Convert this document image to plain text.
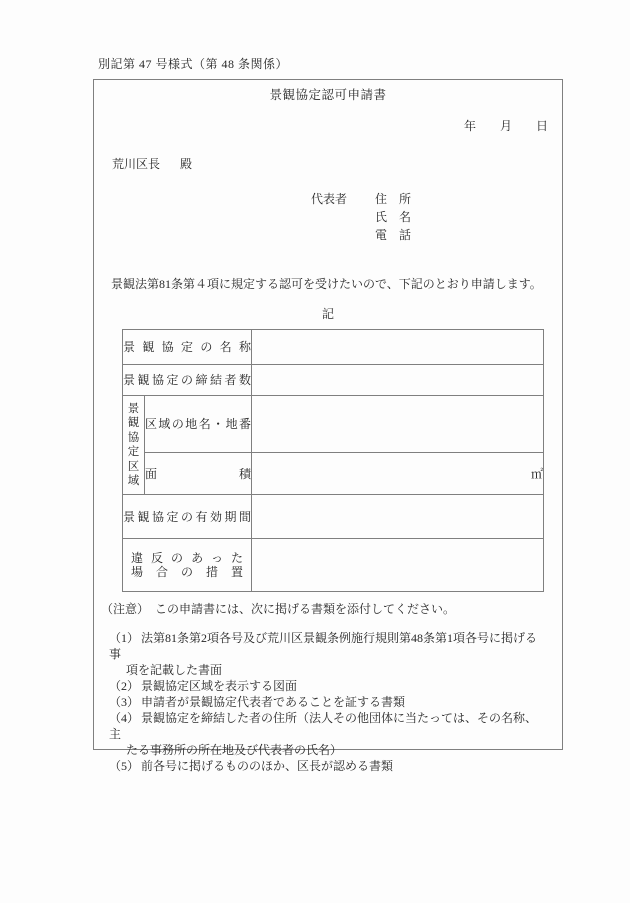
別記第 47 号様式（第 48 条関係）
景観協定認可申請書
年 月 日
荒川区長 殿
代表者 住　所
氏　名
電　話
景観法第81条第４項に規定する認可を受けたいので、下記のとおり申請します。
記
景観協定の名称		
景観協定の締結者数		

景観協定区域	区域の地名・地番	
	面積	㎡
景観協定の有効期間		

違反のあった
場合の措置		

（注意） この申請書には、次に掲げる書類を添付してください。
（1） 法第81条第2項各号及び荒川区景観条例施行規則第48条第1項各号に掲げる事
項を記載した書面
（2） 景観協定区域を表示する図面
（3） 申請者が景観協定代表者であることを証する書類
（4） 景観協定を締結した者の住所（法人その他団体に当たっては、その名称、主
たる事務所の所在地及び代表者の氏名）
（5） 前各号に掲げるもののほか、区長が認める書類
